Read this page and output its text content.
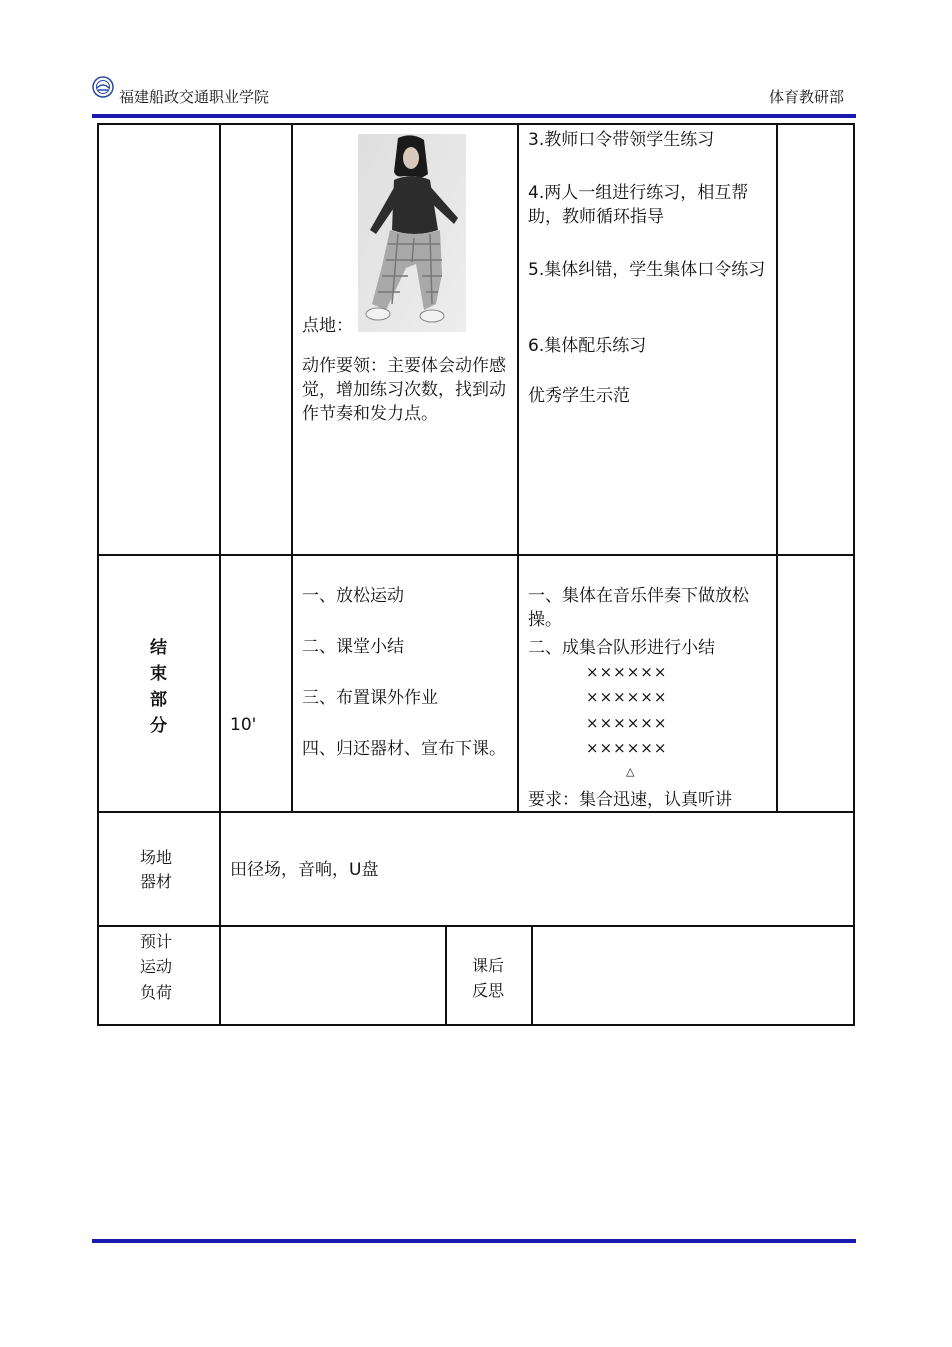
福建船政交通职业学院	体育教研部
点地：
动作要领：主要体会动作感觉，增加练习次数，找到动作节奏和发力点。
3.教师口令带领学生练习
4.两人一组进行练习，相互帮助，教师循环指导
5.集体纠错，学生集体口令练习
6.集体配乐练习
优秀学生示范
结
束
部
分	10'
一、放松运动
二、课堂小结
三、布置课外作业
四、归还器材、宣布下课。
一、集体在音乐伴奏下做放松操。
二、成集合队形进行小结
××××××
××××××
××××××
××××××
△
要求：集合迅速，认真听讲
场地
器材
田径场，音响，U盘
预计
运动
负荷
课后
反思
